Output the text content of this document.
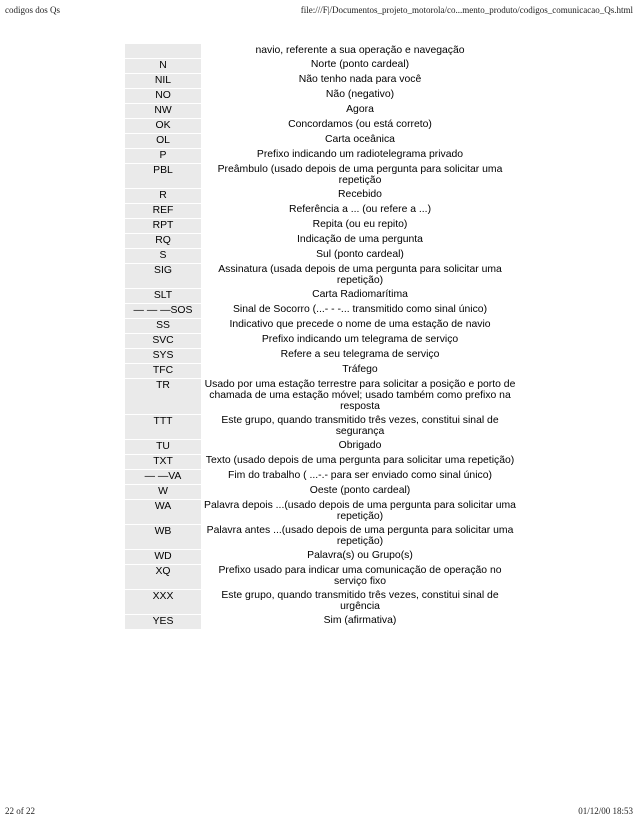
codigos dos Qs	file:///F|/Documentos_projeto_motorola/co...mento_produto/codigos_comunicacao_Qs.html
	navio, referente a sua operação e navegação
N	Norte (ponto cardeal)
NIL	Não tenho nada para você
NO	Não (negativo)
NW	Agora
OK	Concordamos (ou está correto)
OL	Carta oceânica
P	Prefixo indicando um radiotelegrama privado
PBL	Preâmbulo (usado depois de uma pergunta para solicitar uma repetição
R	Recebido
REF	Referência a ... (ou refere a ...)
RPT	Repita (ou eu repito)
RQ	Indicação de uma pergunta
S	Sul (ponto cardeal)
SIG	Assinatura (usada depois de uma pergunta para solicitar uma repetição)
SLT	Carta Radiomarítima
— — —SOS	Sinal de Socorro (...- - -... transmitido como sinal único)
SS	Indicativo que precede o nome de uma estação de navio
SVC	Prefixo indicando um telegrama de serviço
SYS	Refere a seu telegrama de serviço
TFC	Tráfego
TR	Usado por uma estação terrestre para solicitar a posição e porto de chamada de uma estação móvel; usado também como prefixo na resposta
TTT	Este grupo, quando transmitido três vezes, constitui sinal de segurança
TU	Obrigado
TXT	Texto (usado depois de uma pergunta para solicitar uma repetição)
— —VA	Fim do trabalho ( ...-.- para ser enviado como sinal único)
W	Oeste (ponto cardeal)
WA	Palavra depois ...(usado depois de uma pergunta para solicitar uma repetição)
WB	Palavra antes ...(usado depois de uma pergunta para solicitar uma repetição)
WD	Palavra(s) ou Grupo(s)
XQ	Prefixo usado para indicar uma comunicação de operação no serviço fixo
XXX	Este grupo, quando transmitido três vezes, constitui sinal de urgência
YES	Sim (afirmativa)
22 of 22	01/12/00 18:53
